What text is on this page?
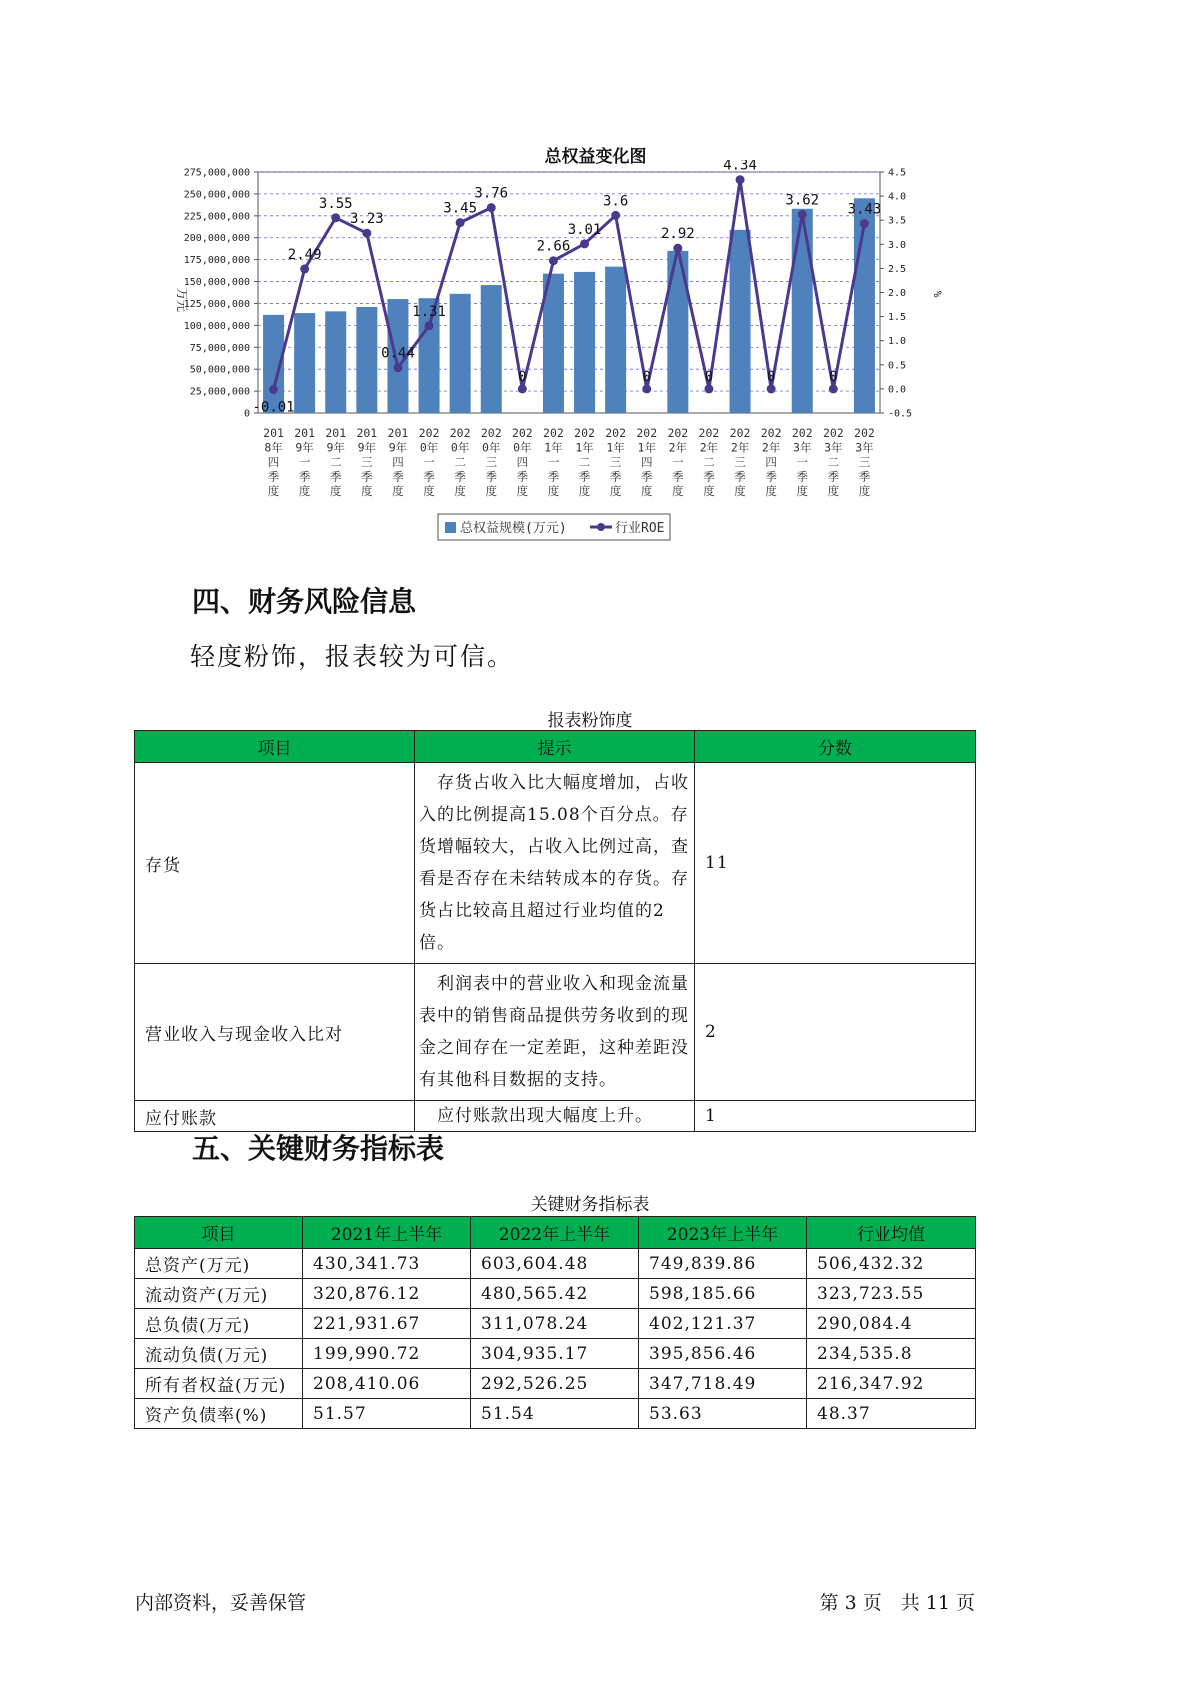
总权益变化图
0
25,000,000
50,000,000
75,000,000
100,000,000
125,000,000
150,000,000
175,000,000
200,000,000
225,000,000
250,000,000
275,000,000
-0.5
0.0
0.5
1.0
1.5
2.0
2.5
3.0
3.5
4.0
4.5
万元	%
-0.01
2.49
3.55
3.23
0.44
1.31
3.45
3.76
0
2.66
3.01
3.6
0
2.92
0
4.34
0
3.62
0
3.43
201
8年
四
季
度
201
9年
一
季
度
201
9年
二
季
度
201
9年
三
季
度
201
9年
四
季
度
202
0年
一
季
度
202
0年
二
季
度
202
0年
三
季
度
202
0年
四
季
度
202
1年
一
季
度
202
1年
二
季
度
202
1年
三
季
度
202
1年
四
季
度
202
2年
一
季
度
202
2年
二
季
度
202
2年
三
季
度
202
2年
四
季
度
202
3年
一
季
度
202
3年
二
季
度
202
3年
三
季
度
总权益规模(万元)	行业ROE
四、财务风险信息
轻度粉饰，报表较为可信。
报表粉饰度
项目	提示	分数
存货	　存货占收入比大幅度增加，占收入的比例提高15.08个百分点。存货增幅较大，占收入比例过高，查看是否存在未结转成本的存货。存货占比较高且超过行业均值的2倍。	11
营业收入与现金收入比对	　利润表中的营业收入和现金流量表中的销售商品提供劳务收到的现金之间存在一定差距，这种差距没有其他科目数据的支持。	2
应付账款	　应付账款出现大幅度上升。	1
五、关键财务指标表
关键财务指标表
项目	2021年上半年	2022年上半年	2023年上半年	行业均值
总资产(万元)	430,341.73	603,604.48	749,839.86	506,432.32
流动资产(万元)	320,876.12	480,565.42	598,185.66	323,723.55
总负债(万元)	221,931.67	311,078.24	402,121.37	290,084.4
流动负债(万元)	199,990.72	304,935.17	395,856.46	234,535.8
所有者权益(万元)	208,410.06	292,526.25	347,718.49	216,347.92
资产负债率(%)	51.57	51.54	53.63	48.37
内部资料，妥善保管	第 3 页　共 11 页
